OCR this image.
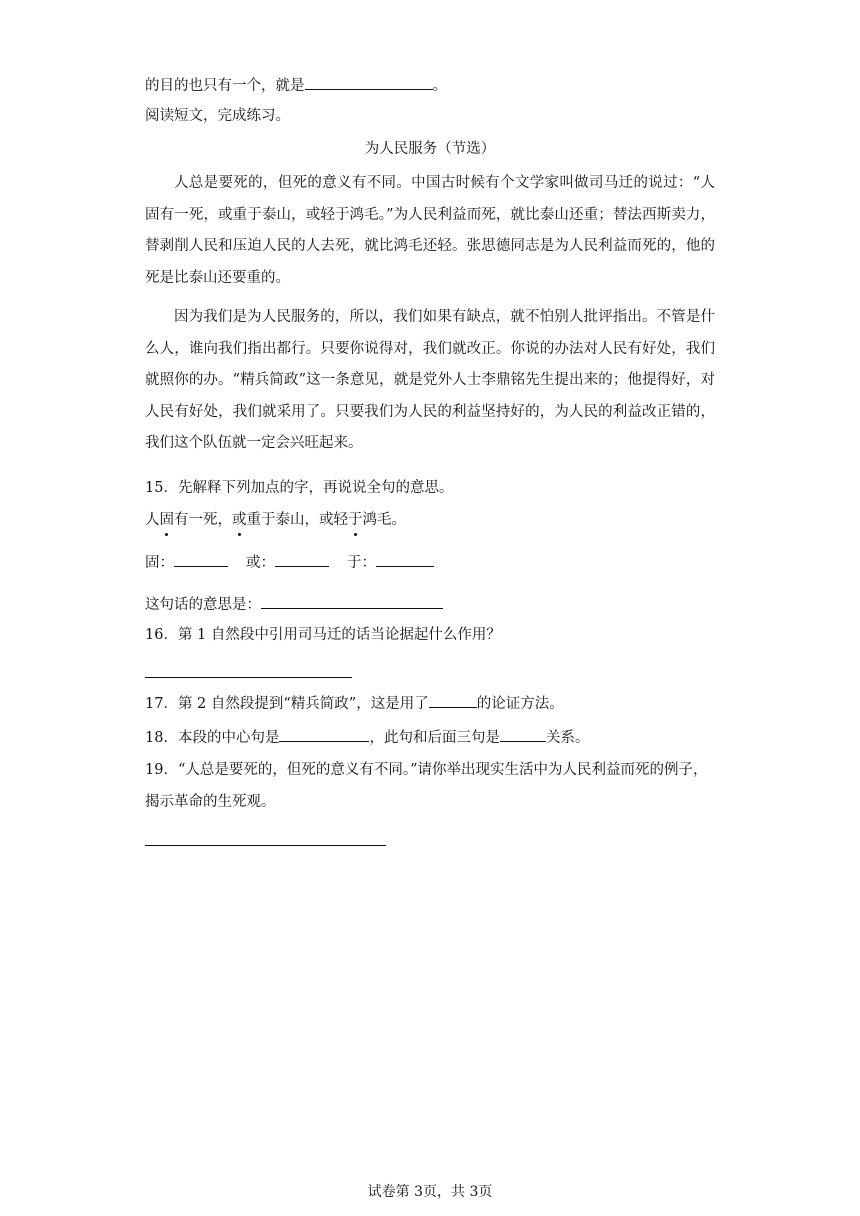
的目的也只有一个，就是	。
阅读短文，完成练习。
为人民服务（节选）

人总是要死的，但死的意义有不同。中国古时候有个文学家叫做司马迁的说过：“人固有一死，或重于泰山，或轻于鸿毛。”为人民利益而死，就比泰山还重；替法西斯卖力，替剥削人民和压迫人民的人去死，就比鸿毛还轻。张思德同志是为人民利益而死的，他的死是比泰山还要重的。

因为我们是为人民服务的，所以，我们如果有缺点，就不怕别人批评指出。不管是什么人，谁向我们指出都行。只要你说得对，我们就改正。你说的办法对人民有好处，我们就照你的办。“精兵简政”这一条意见，就是党外人士李鼎铭先生提出来的；他提得好，对人民有好处，我们就采用了。只要我们为人民的利益坚持好的，为人民的利益改正错的，我们这个队伍就一定会兴旺起来。

15．先解释下列加点的字，再说说全句的意思。
人固有一死，或重于泰山，或轻于鸿毛。
固：	或：	于：
这句话的意思是：
16．第 1 自然段中引用司马迁的话当论据起什么作用？
17．第 2 自然段提到“精兵简政”，这是用了	的论证方法。
18．本段的中心句是	，此句和后面三句是	关系。
19．“人总是要死的，但死的意义有不同。”请你举出现实生活中为人民利益而死的例子，
揭示革命的生死观。
试卷第 3页，共 3页
